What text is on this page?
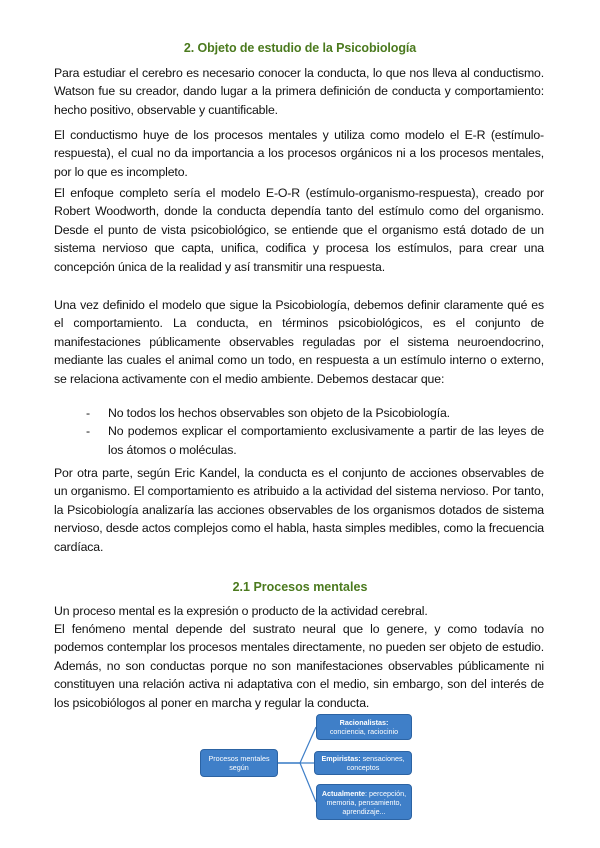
2. Objeto de estudio de la Psicobiología

Para estudiar el cerebro es necesario conocer la conducta, lo que nos lleva al conductismo. Watson fue su creador, dando lugar a la primera definición de conducta y comportamiento: hecho positivo, observable y cuantificable.

El conductismo huye de los procesos mentales y utiliza como modelo el E-R (estímulo-respuesta), el cual no da importancia a los procesos orgánicos ni a los procesos mentales, por lo que es incompleto.

El enfoque completo sería el modelo E-O-R (estímulo-organismo-respuesta), creado por Robert Woodworth, donde la conducta dependía tanto del estímulo como del organismo. Desde el punto de vista psicobiológico, se entiende que el organismo está dotado de un sistema nervioso que capta, unifica, codifica y procesa los estímulos, para crear una concepción única de la realidad y así transmitir una respuesta.

Una vez definido el modelo que sigue la Psicobiología, debemos definir claramente qué es el comportamiento. La conducta, en términos psicobiológicos, es el conjunto de manifestaciones públicamente observables reguladas por el sistema neuroendocrino, mediante las cuales el animal como un todo, en respuesta a un estímulo interno o externo, se relaciona activamente con el medio ambiente. Debemos destacar que:

- No todos los hechos observables son objeto de la Psicobiología.
- No podemos explicar el comportamiento exclusivamente a partir de las leyes de los átomos o moléculas.

Por otra parte, según Eric Kandel, la conducta es el conjunto de acciones observables de un organismo. El comportamiento es atribuido a la actividad del sistema nervioso. Por tanto, la Psicobiología analizaría las acciones observables de los organismos dotados de sistema nervioso, desde actos complejos como el habla, hasta simples medibles, como la frecuencia cardíaca.

2.1 Procesos mentales

Un proceso mental es la expresión o producto de la actividad cerebral.

El fenómeno mental depende del sustrato neural que lo genere, y como todavía no podemos contemplar los procesos mentales directamente, no pueden ser objeto de estudio. Además, no son conductas porque no son manifestaciones observables públicamente ni constituyen una relación activa ni adaptativa con el medio, sin embargo, son del interés de los psicobiólogos al poner en marcha y regular la conducta.

Procesos mentales según
Racionalistas: conciencia, raciocinio
Empiristas: sensaciones, conceptos
Actualmente: percepción, memoria, pensamiento, aprendizaje...
